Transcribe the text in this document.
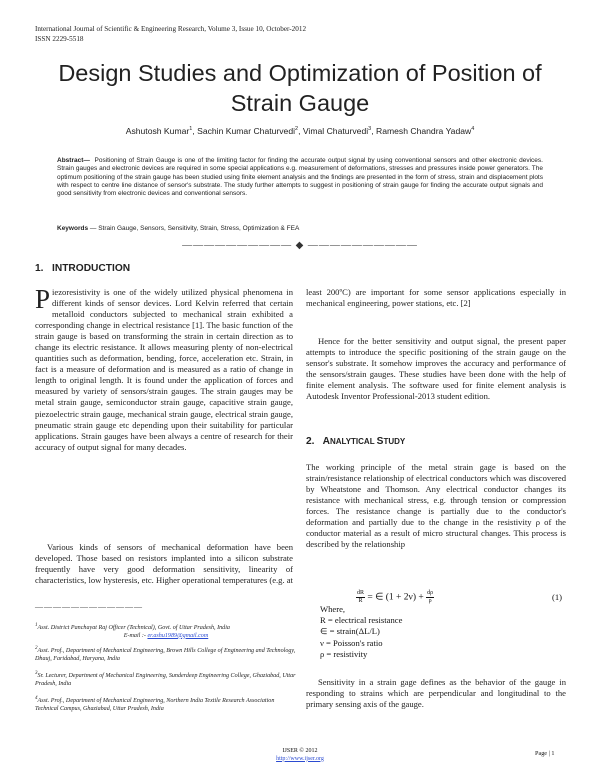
International Journal of Scientific & Engineering Research, Volume 3, Issue 10, October-2012
ISSN 2229-5518
Design Studies and Optimization of Position of Strain Gauge
Ashutosh Kumar$^1$, Sachin Kumar Chaturvedi$^2$, Vimal Chaturvedi$^3$, Ramesh Chandra Yadaw$^4$
Abstract— Positioning of Strain Gauge is one of the limiting factor for finding the accurate output signal by using conventional sensors and other electronic devices. Strain gauges and electronic devices are required in some special applications e.g. measurement of deformations, stresses and pressures inside power generators. The optimum positioning of the strain gauge has been studied using finite element analysis and the findings are presented in the form of stress, strain and displacement plots with respect to centre line distance of sensor's substrate. The study further attempts to suggest in positioning of strain gauge for finding the accurate output signals and good sensitivity from electronic devices and conventional sensors.
Keywords — Strain Gauge, Sensors, Sensitivity, Strain, Stress, Optimization & FEA
—————————— ◆ ——————————
1. INTRODUCTION

Piezoresistivity is one of the widely utilized physical phenomena in different kinds of sensor devices. Lord Kelvin referred that certain metalloid conductors subjected to mechanical strain exhibited a corresponding change in electrical resistance [1]. The basic function of the strain gauge is based on transforming the strain in certain direction as to change its electric resistance. It allows measuring plenty of non-electrical quantities such as deformation, bending, force, acceleration etc. Strain, in fact is a measure of deformation and is measured as a ratio of change in length to original length. It is found under the application of forces and measured by variety of sensors/strain gauges. The strain gauges may be metal strain gauge, semiconductor strain gauge, capacitive strain gauge, piezoelectric strain gauge, mechanical strain gauge, electrical strain gauge, pneumatic strain gauge etc depending upon their suitability for particular applications. Strain gauges have been always a centre of research for their accuracy of output signal for many decades.

Various kinds of sensors of mechanical deformation have been developed. Those based on resistors implanted into a silicon substrate frequently have very good deformation sensitivity, linearity of characteristics, low hysteresis, etc. Higher operational temperatures (e.g. at

————————————
$^1$Asst. District Panchayat Raj Officer (Technical), Govt. of Uttar Pradesh, India

E-mail :- er.ashu1989@gmail.com
$^2$Asst. Prof., Department of Mechanical Engineering, Brown Hills College of Engineering and Technology, Dhauj, Faridabad, Haryana, India
$^3$Sr. Lecturer, Department of Mechanical Engineering, Sunderdeep Engineering College, Ghaziabad, Uttar Pradesh, India
$^4$Asst. Prof., Department of Mechanical Engineering, Northern India Textile Research Association Technical Campus, Ghaziabad, Uttar Pradesh, India

least 200ºC) are important for some sensor applications especially in mechanical engineering, power stations, etc. [2]

Hence for the better sensitivity and output signal, the present paper attempts to introduce the specific positioning of the strain gauge on the sensor's substrate. It somehow improves the accuracy and performance of the sensors/strain gauges. These studies have been done with the help of finite element analysis. The software used for finite element analysis is Autodesk Inventor Professional-2013 student edition.

2. ANALYTICAL STUDY

The working principle of the metal strain gage is based on the strain/resistance relationship of electrical conductors which was discovered by Wheatstone and Thomson. Any electrical conductor changes its resistance with mechanical stress, e.g. through tension or compression forces. The resistance change is partially due to the conductor's deformation and partially due to the change in the resistivity ρ of the conductor material as a result of micro structural changes. This process is described by the relationship

$\frac{dR}{R}$ = ∈ $(1 + 2\nu) + \frac{d\rho}{\rho}$	(1)
Where,
R = electrical resistance
∈ = strain(ΔL/L)
ν = Poisson's ratio
ρ = resistivity

Sensitivity in a strain gage defines as the behavior of the gauge in responding to strains which are perpendicular and longitudinal to the primary sensing axis of the gauge.

IJSER © 2012
http://www.ijser.org
Page | 1
